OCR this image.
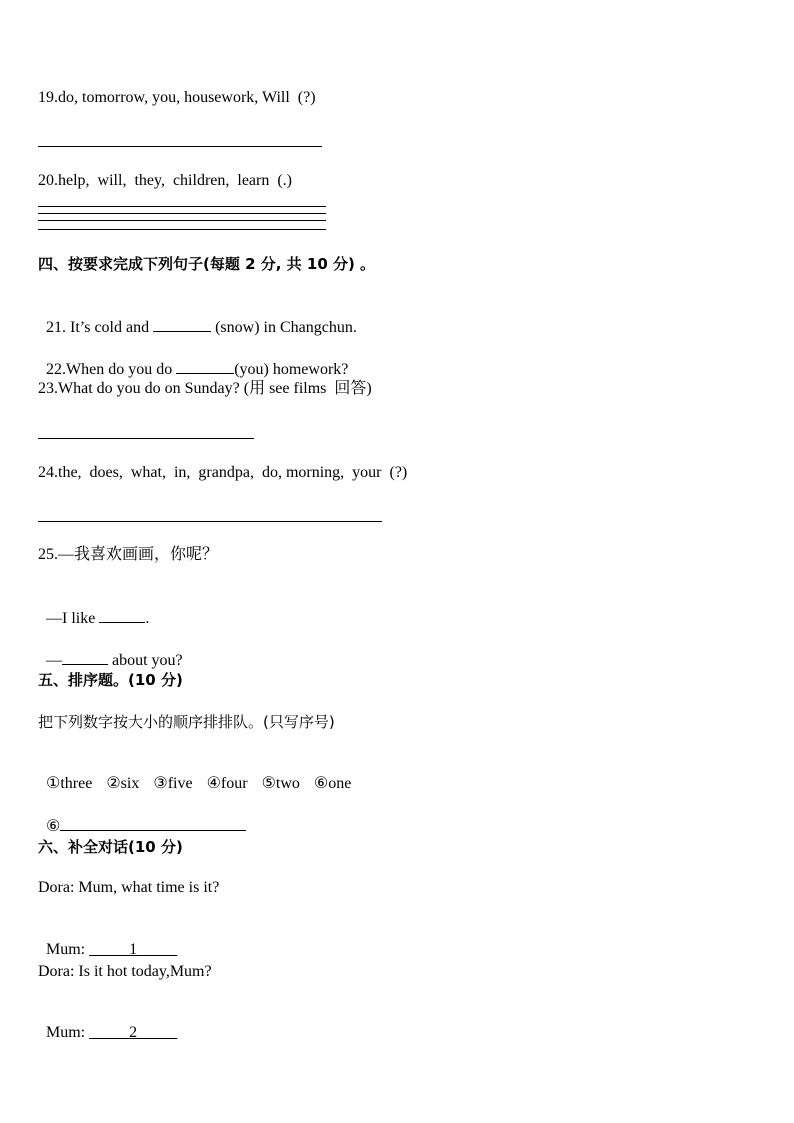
19.do, tomorrow, you, housework, Will  (?)
20.help,  will,  they,  children,  learn  (.)
四、按要求完成下列句子(每题 2 分, 共 10 分) 。

21. It’s cold and	(snow) in Changchun.

22.When do you do	(you) homework?

23.What do you do on Sunday? (用 see films  回答)
24.the,  does,  what,  in,  grandpa,  do, morning,  your  (?)
25.—我喜欢画画，你呢？

—I like	.

—	about you?

五、排序题。(10 分)
把下列数字按大小的顺序排排队。(只写序号)

①three ②six ③five ④four ⑤two ⑥one

⑥

六、补全对话(10 分)
Dora: Mum, what time is it?

Mum: _____1_____

Dora: Is it hot today,Mum?

Mum: _____2_____
